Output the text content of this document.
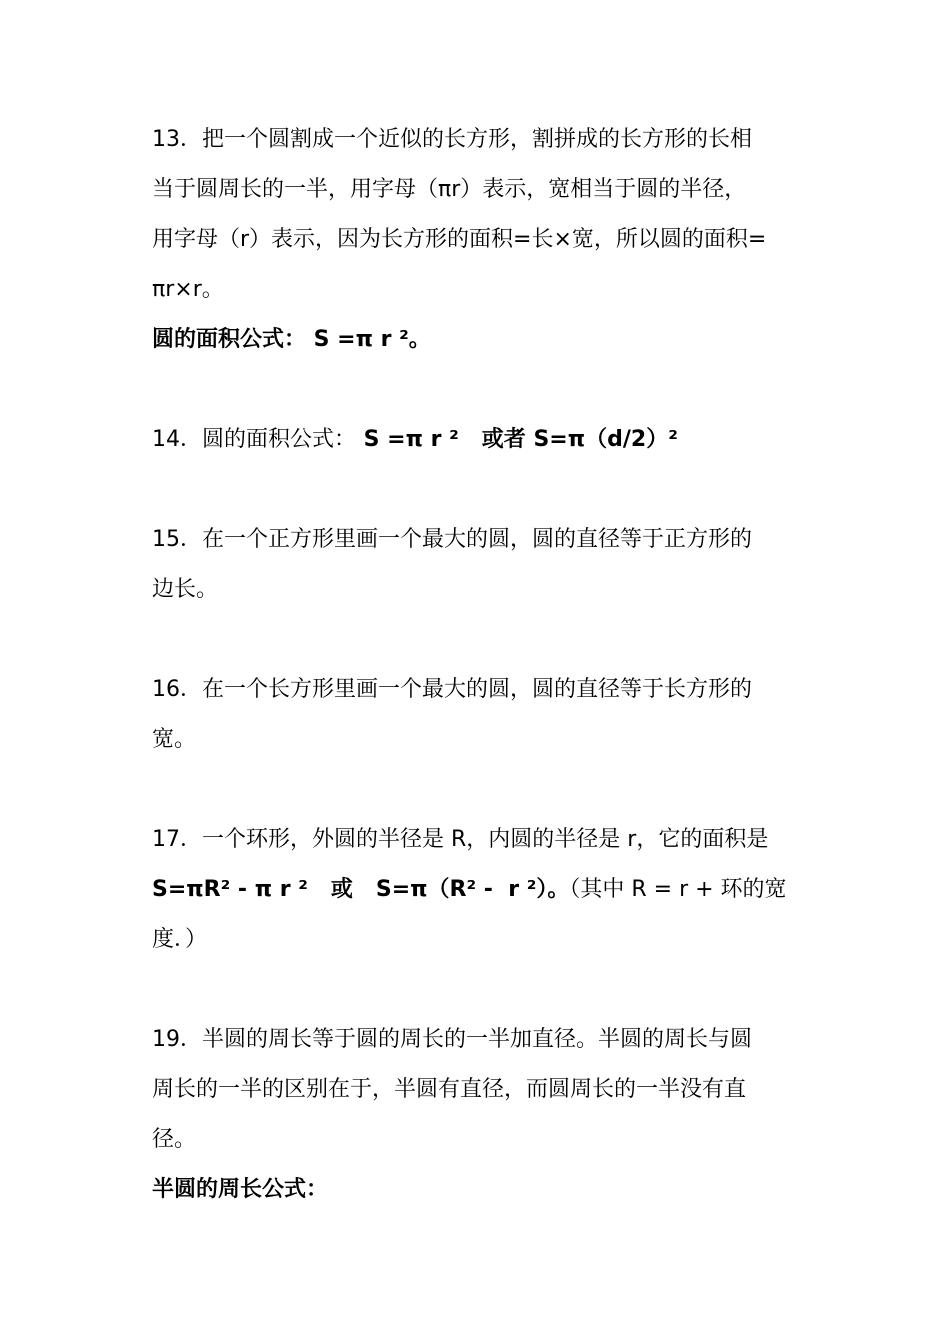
13．把一个圆割成一个近似的长方形，割拼成的长方形的长相
当于圆周长的一半，用字母（πr）表示，宽相当于圆的半径，
用字母（r）表示，因为长方形的面积=长×宽，所以圆的面积=
πr×r。
圆的面积公式： S =π r ²。
14．圆的面积公式： S =π r ²   或者 S=π（d/2）²
15．在一个正方形里画一个最大的圆，圆的直径等于正方形的
边长。
16．在一个长方形里画一个最大的圆，圆的直径等于长方形的
宽。
17．一个环形，外圆的半径是 R，内圆的半径是 r，它的面积是
S=πR² - π r ²   或   S=π（R² -  r ²）。（其中 R = r + 环的宽
度．）
19．半圆的周长等于圆的周长的一半加直径。半圆的周长与圆
周长的一半的区别在于，半圆有直径，而圆周长的一半没有直
径。
半圆的周长公式：
